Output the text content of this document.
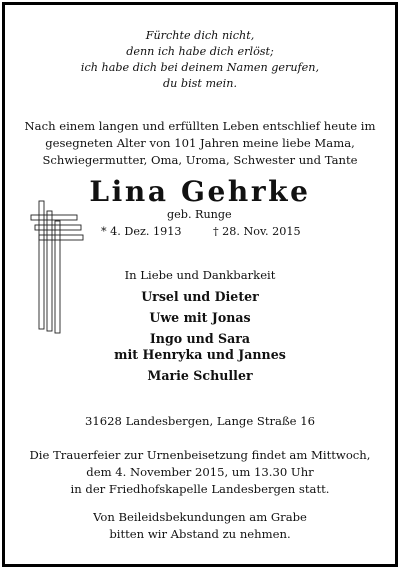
Fürchte dich nicht,
denn ich habe dich erlöst;
ich habe dich bei deinem Namen gerufen,
du bist mein.
Nach einem langen und erfüllten Leben entschlief heute im
gesegneten Alter von 101 Jahren meine liebe Mama,
Schwiegermutter, Oma, Uroma, Schwester und Tante
Lina Gehrke
geb. Runge
* 4. Dez. 1913	† 28. Nov. 2015
In Liebe und Dankbarkeit
Ursel und Dieter
Uwe mit Jonas
Ingo und Sara
mit Henryka und Jannes
Marie Schuller
31628 Landesbergen, Lange Straße 16
Die Trauerfeier zur Urnenbeisetzung findet am Mittwoch,
dem 4. November 2015, um 13.30 Uhr
in der Friedhofskapelle Landesbergen statt.
Von Beileidsbekundungen am Grabe
bitten wir Abstand zu nehmen.
